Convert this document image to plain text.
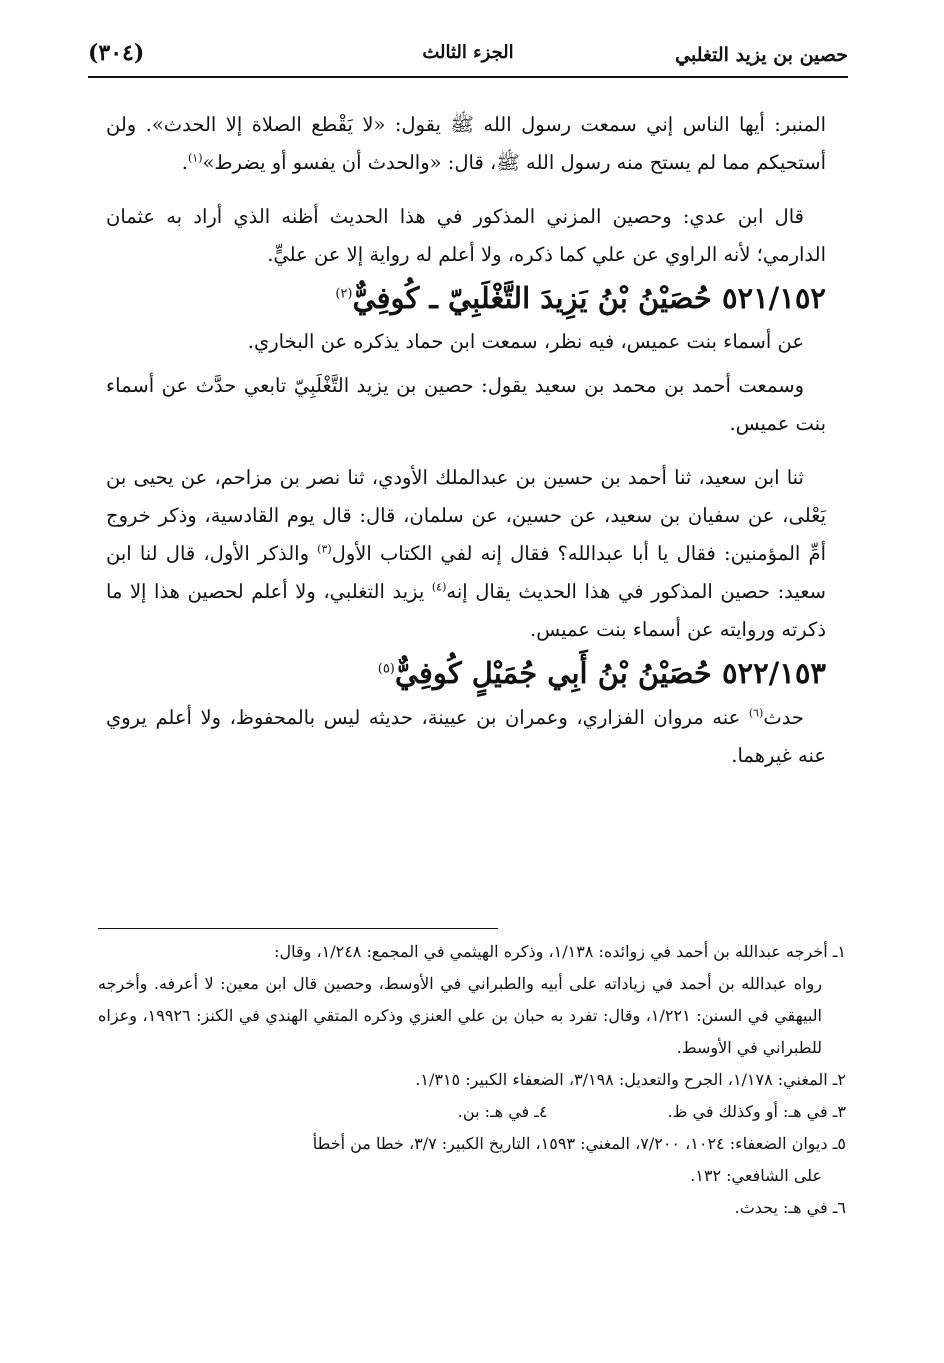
حصين بن يزيد التغلبي
الجزء الثالث
(٣٠٤)

المنبر: أيها الناس إني سمعت رسول الله ﷺ يقول: «لا يَقْطع الصلاة إلا الحدث». ولن أستحيكم مما لم يستح منه رسول الله ﷺ، قال: «والحدث أن يفسو أو يضرط»$^{(١)}$.

قال ابن عدي: وحصين المزني المذكور في هذا الحديث أظنه الذي أراد به عثمان الدارمي؛ لأنه الراوي عن علي كما ذكره، ولا أعلم له رواية إلا عن عليٍّ.

٥٢١/١٥٢ حُصَيْنُ بْنُ يَزِيدَ التَّغْلَبِيّ ـ كُوفِيٌّ$^{(٢)}$

عن أسماء بنت عميس، فيه نظر، سمعت ابن حماد يذكره عن البخاري.

وسمعت أحمد بن محمد بن سعيد يقول: حصين بن يزيد التَّغْلَبِيّ تابعي حدَّث عن أسماء بنت عميس.

ثنا ابن سعيد، ثنا أحمد بن حسين بن عبدالملك الأودي، ثنا نصر بن مزاحم، عن يحيى بن يَعْلى، عن سفيان بن سعيد، عن حسين، عن سلمان، قال: قال يوم القادسية، وذكر خروج أمِّ المؤمنين: فقال يا أبا عبدالله؟ فقال إنه لفي الكتاب الأول$^{(٣)}$ والذكر الأول، قال لنا ابن سعيد: حصين المذكور في هذا الحديث يقال إنه$^{(٤)}$ يزيد التغلبي، ولا أعلم لحصين هذا إلا ما ذكرته وروايته عن أسماء بنت عميس.

٥٢٢/١٥٣ حُصَيْنُ بْنُ أَبِي جُمَيْلٍ كُوفِيٌّ$^{(٥)}$

حدث$^{(٦)}$ عنه مروان الفزاري، وعمران بن عيينة، حديثه ليس بالمحفوظ، ولا أعلم يروي عنه غيرهما.

١ـ أخرجه عبدالله بن أحمد في زوائده: ١/١٣٨، وذكره الهيثمي في المجمع: ١/٢٤٨، وقال:

رواه عبدالله بن أحمد في زياداته على أبيه والطبراني في الأوسط، وحصين قال ابن معين: لا أعرفه. وأخرجه البيهقي في السنن: ١/٢٢١، وقال: تفرد به حبان بن علي العنزي وذكره المتقي الهندي في الكنز: ١٩٩٢٦، وعزاه للطبراني في الأوسط.

٢ـ المغني: ١/١٧٨، الجرح والتعديل: ٣/١٩٨، الضعفاء الكبير: ١/٣١٥.

٣ـ في هـ: أو وكذلك في ظ.
٤ـ في هـ: بن.

٥ـ ديوان الضعفاء: ١٠٢٤، ٧/٢٠٠، المغني: ١٥٩٣، التاريخ الكبير: ٣/٧، خطا من أخطأ

على الشافعي: ١٣٢.

٦ـ في هـ: يحدث.
